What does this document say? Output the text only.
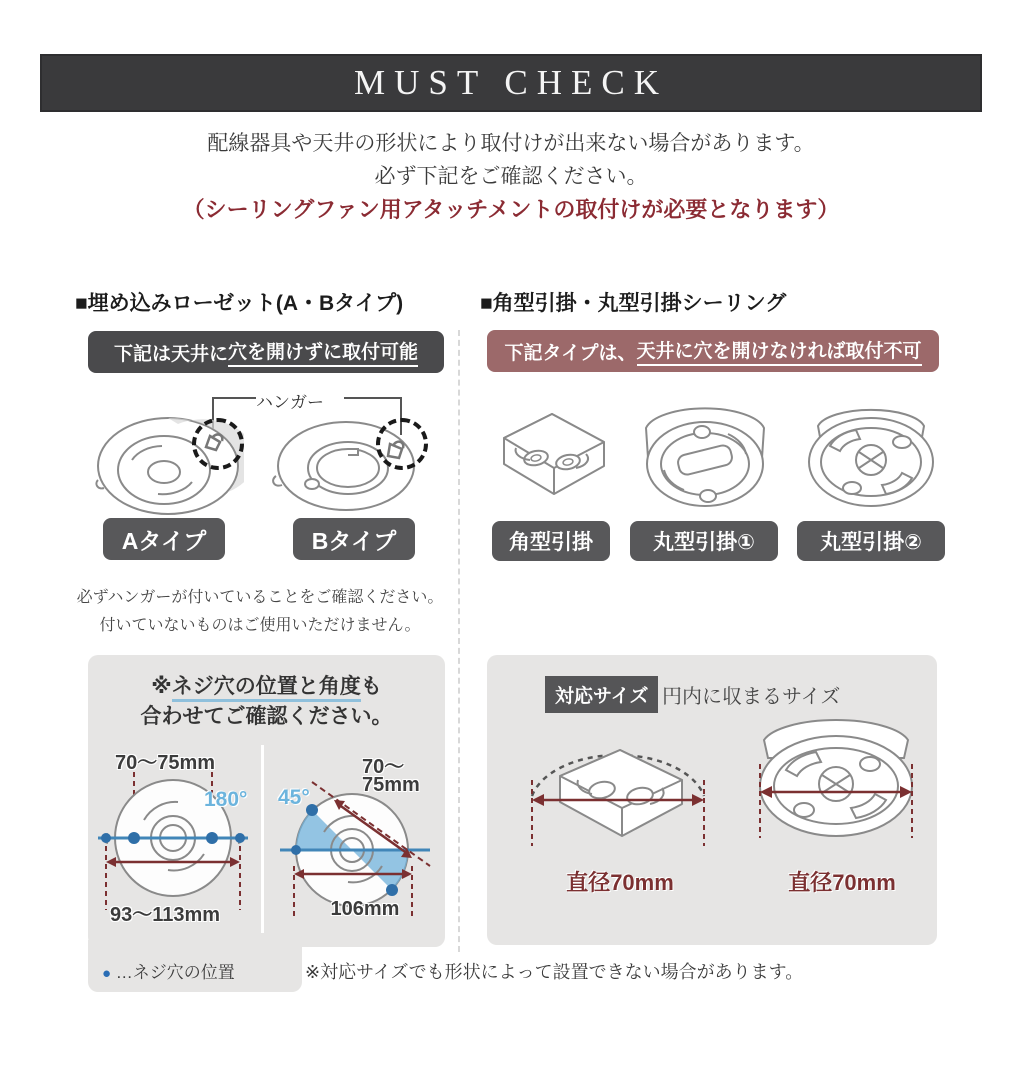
MUST CHECK
配線器具や天井の形状により取付けが出来ない場合があります。
必ず下記をご確認ください。
（シーリングファン用アタッチメントの取付けが必要となります）
■埋め込みローゼット(A・Bタイプ)
下記は天井に 穴を開けずに取付可能
ハンガー
Aタイプ	Bタイプ
必ずハンガーが付いていることをご確認ください。
付いていないものはご使用いただけません。
※ネジ穴の位置と角度も
合わせてご確認ください。
70～75mm
180°
93～113mm
45°
70～
75mm
106mm
● …ネジ穴の位置
■角型引掛・丸型引掛シーリング
下記タイプは、 天井に穴を開けなければ取付不可
角型引掛	丸型引掛①	丸型引掛②
対応サイズ 円内に収まるサイズ
直径70mm	直径70mm
※対応サイズでも形状によって設置できない場合があります。
